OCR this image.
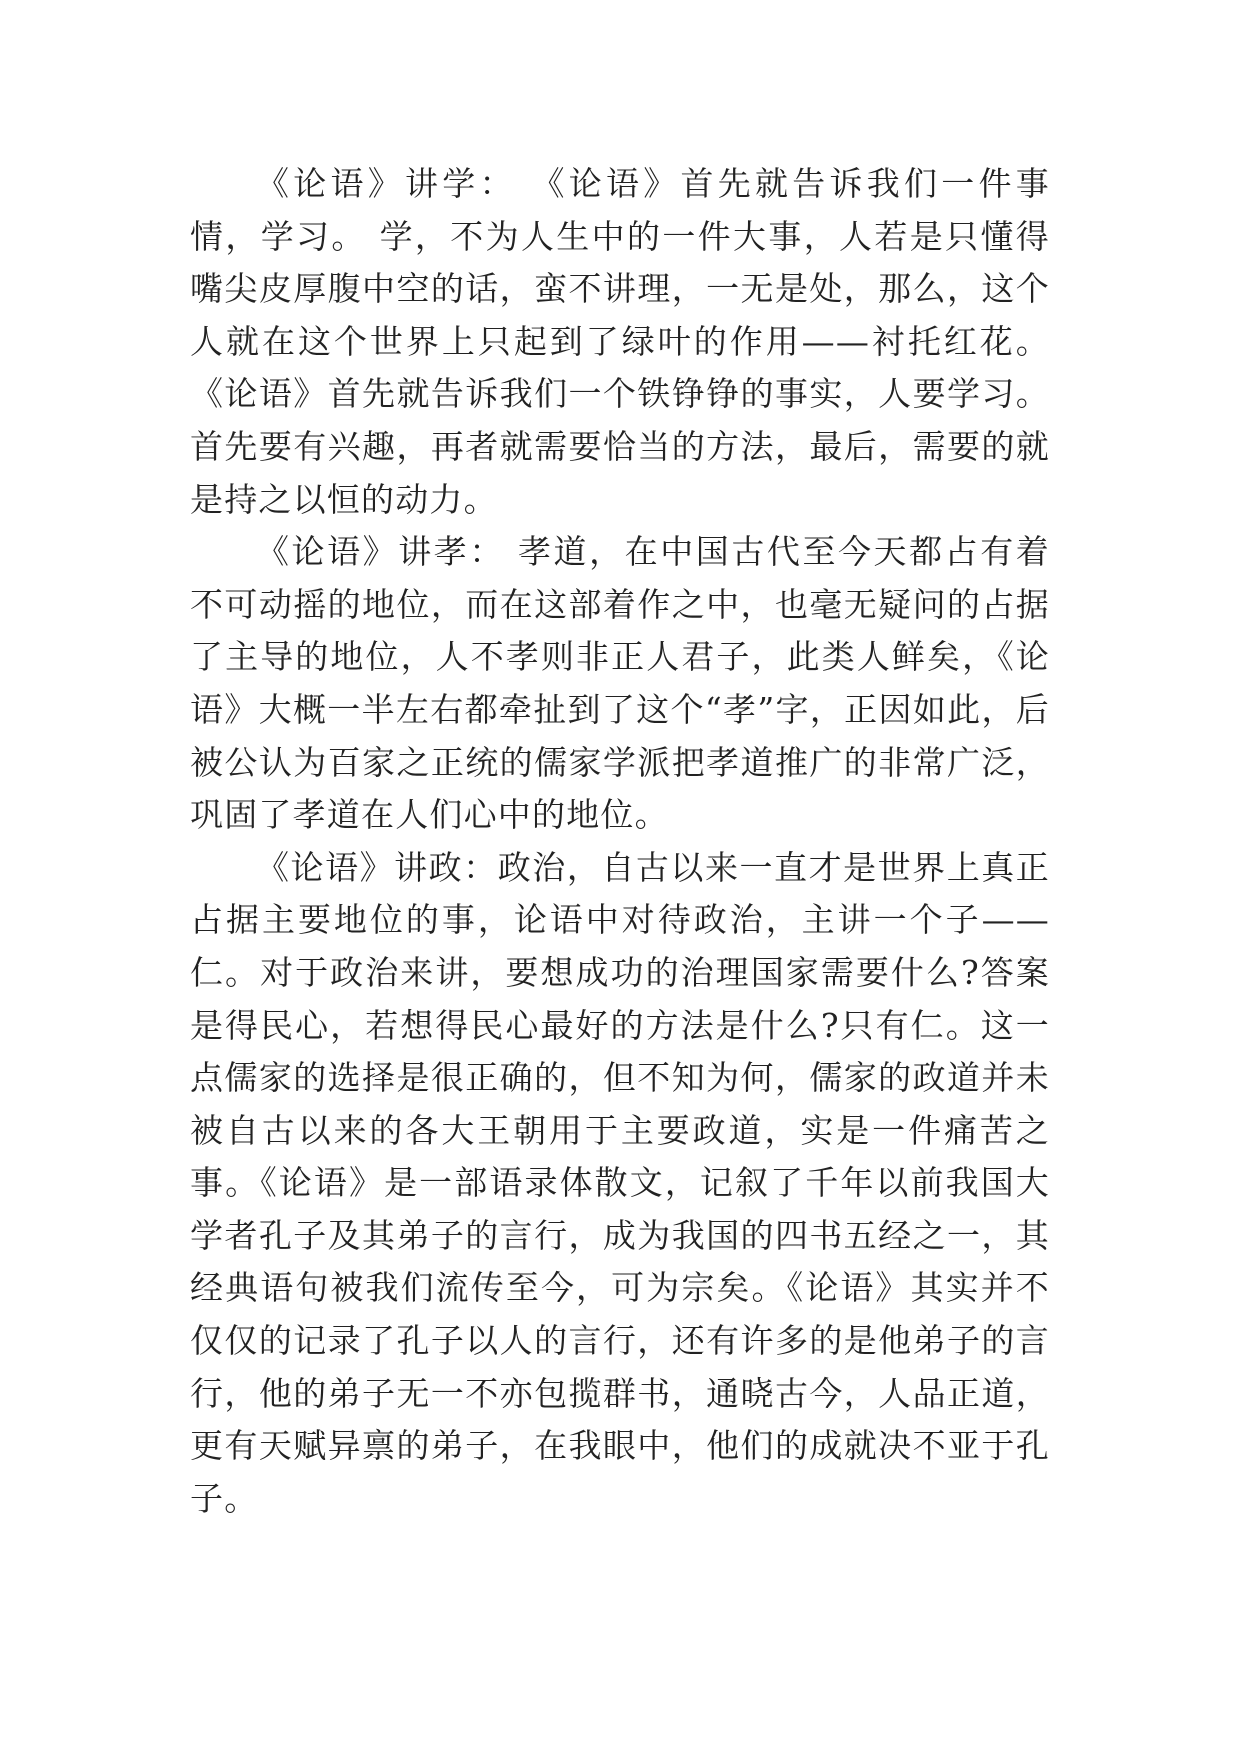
《论语》讲学： 《论语》首先就告诉我们一件事情，学习。 学，不为人生中的一件大事，人若是只懂得嘴尖皮厚腹中空的话，蛮不讲理，一无是处，那么，这个人就在这个世界上只起到了绿叶的作用——衬托红花。《论语》首先就告诉我们一个铁铮铮的事实，人要学习。 首先要有兴趣，再者就需要恰当的方法，最后，需要的就是持之以恒的动力。

《论语》讲孝： 孝道，在中国古代至今天都占有着不可动摇的地位，而在这部着作之中，也毫无疑问的占据了主导的地位，人不孝则非正人君子，此类人鲜矣，《论语》大概一半左右都牵扯到了这个“孝”字，正因如此，后被公认为百家之正统的儒家学派把孝道推广的非常广泛，巩固了孝道在人们心中的地位。

《论语》讲政：政治，自古以来一直才是世界上真正占据主要地位的事，论语中对待政治，主讲一个子——仁。对于政治来讲，要想成功的治理国家需要什么?答案是得民心，若想得民心最好的方法是什么?只有仁。这一点儒家的选择是很正确的，但不知为何，儒家的政道并未被自古以来的各大王朝用于主要政道，实是一件痛苦之事。《论语》是一部语录体散文，记叙了千年以前我国大学者孔子及其弟子的言行，成为我国的四书五经之一，其经典语句被我们流传至今，可为宗矣。《论语》其实并不仅仅的记录了孔子以人的言行，还有许多的是他弟子的言行，他的弟子无一不亦包揽群书，通晓古今，人品正道，更有天赋异禀的弟子，在我眼中，他们的成就决不亚于孔子。
